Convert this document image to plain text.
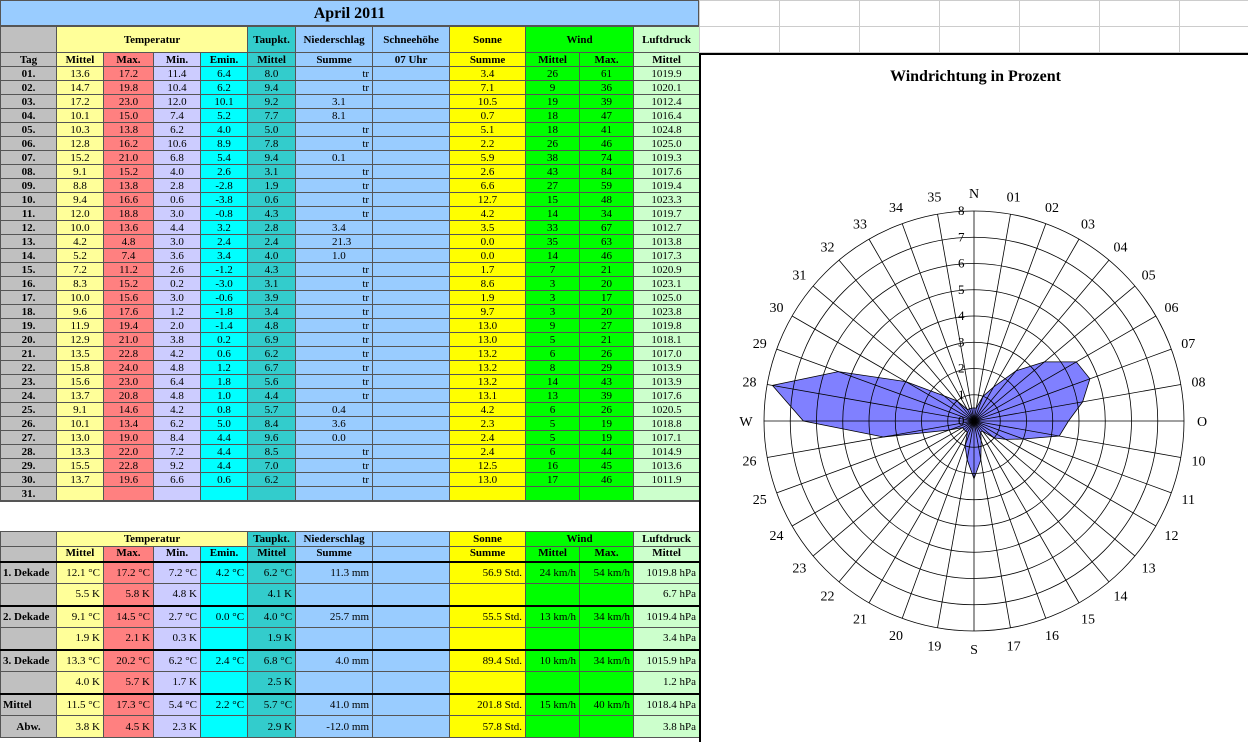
April 2011
	Temperatur				Taupkt.	Niederschlag	Schneehöhe	Sonne	Wind		Luftdruck
Tag	Mittel	Max.	Min.	Emin.	Mittel	Summe	07 Uhr	Summe	Mittel	Max.	Mittel
01.	13.6	17.2	11.4	6.4	8.0	tr		3.4	26	61	1019.9
02.	14.7	19.8	10.4	6.2	9.4	tr		7.1	9	36	1020.1
03.	17.2	23.0	12.0	10.1	9.2	3.1		10.5	19	39	1012.4
04.	10.1	15.0	7.4	5.2	7.7	8.1		0.7	18	47	1016.4
05.	10.3	13.8	6.2	4.0	5.0	tr		5.1	18	41	1024.8
06.	12.8	16.2	10.6	8.9	7.8	tr		2.2	26	46	1025.0
07.	15.2	21.0	6.8	5.4	9.4	0.1		5.9	38	74	1019.3
08.	9.1	15.2	4.0	2.6	3.1	tr		2.6	43	84	1017.6
09.	8.8	13.8	2.8	-2.8	1.9	tr		6.6	27	59	1019.4
10.	9.4	16.6	0.6	-3.8	0.6	tr		12.7	15	48	1023.3
11.	12.0	18.8	3.0	-0.8	4.3	tr		4.2	14	34	1019.7
12.	10.0	13.6	4.4	3.2	2.8	3.4		3.5	33	67	1012.7
13.	4.2	4.8	3.0	2.4	2.4	21.3		0.0	35	63	1013.8
14.	5.2	7.4	3.6	3.4	4.0	1.0		0.0	14	46	1017.3
15.	7.2	11.2	2.6	-1.2	4.3	tr		1.7	7	21	1020.9
16.	8.3	15.2	0.2	-3.0	3.1	tr		8.6	3	20	1023.1
17.	10.0	15.6	3.0	-0.6	3.9	tr		1.9	3	17	1025.0
18.	9.6	17.6	1.2	-1.8	3.4	tr		9.7	3	20	1023.8
19.	11.9	19.4	2.0	-1.4	4.8	tr		13.0	9	27	1019.8
20.	12.9	21.0	3.8	0.2	6.9	tr		13.0	5	21	1018.1
21.	13.5	22.8	4.2	0.6	6.2	tr		13.2	6	26	1017.0
22.	15.8	24.0	4.8	1.2	6.7	tr		13.2	8	29	1013.9
23.	15.6	23.0	6.4	1.8	5.6	tr		13.2	14	43	1013.9
24.	13.7	20.8	4.8	1.0	4.4	tr		13.1	13	39	1017.6
25.	9.1	14.6	4.2	0.8	5.7	0.4		4.2	6	26	1020.5
26.	10.1	13.4	6.2	5.0	8.4	3.6		2.3	5	19	1018.8
27.	13.0	19.0	8.4	4.4	9.6	0.0		2.4	5	19	1017.1
28.	13.3	22.0	7.2	4.4	8.5	tr		2.4	6	44	1014.9
29.	15.5	22.8	9.2	4.4	7.0	tr		12.5	16	45	1013.6
30.	13.7	19.6	6.6	0.6	6.2	tr		13.0	17	46	1011.9
31.											
	Temperatur				Taupkt.	Niederschlag		Sonne	Wind		Luftdruck
	Mittel	Max.	Min.	Emin.	Mittel	Summe		Summe	Mittel	Max.	Mittel
1. Dekade	12.1 °C	17.2 °C	7.2 °C	4.2 °C	6.2 °C	11.3 mm		56.9 Std.	24 km/h	54 km/h	1019.8 hPa
	5.5 K	5.8 K	4.8 K		4.1 K						6.7 hPa
2. Dekade	9.1 °C	14.5 °C	2.7 °C	0.0 °C	4.0 °C	25.7 mm		55.5 Std.	13 km/h	34 km/h	1019.4 hPa
	1.9 K	2.1 K	0.3 K		1.9 K						3.4 hPa
3. Dekade	13.3 °C	20.2 °C	6.2 °C	2.4 °C	6.8 °C	4.0 mm		89.4 Std.	10 km/h	34 km/h	1015.9 hPa
	4.0 K	5.7 K	1.7 K		2.5 K						1.2 hPa
Mittel	11.5 °C	17.3 °C	5.4 °C	2.2 °C	5.7 °C	41.0 mm		201.8 Std.	15 km/h	40 km/h	1018.4 hPa
Abw.	3.8 K	4.5 K	2.3 K		2.9 K	-12.0 mm		57.8 Std.			3.8 hPa

Windrichtung in Prozent
N 01
02
03
04
05
06
07
08
O
10
11
12
13
14
15
16
17
S
19
20
21
22
23
24
25
26
W
28
29
30
31
32
33
34
35
0
1
2
3
4
5
6
7
8
